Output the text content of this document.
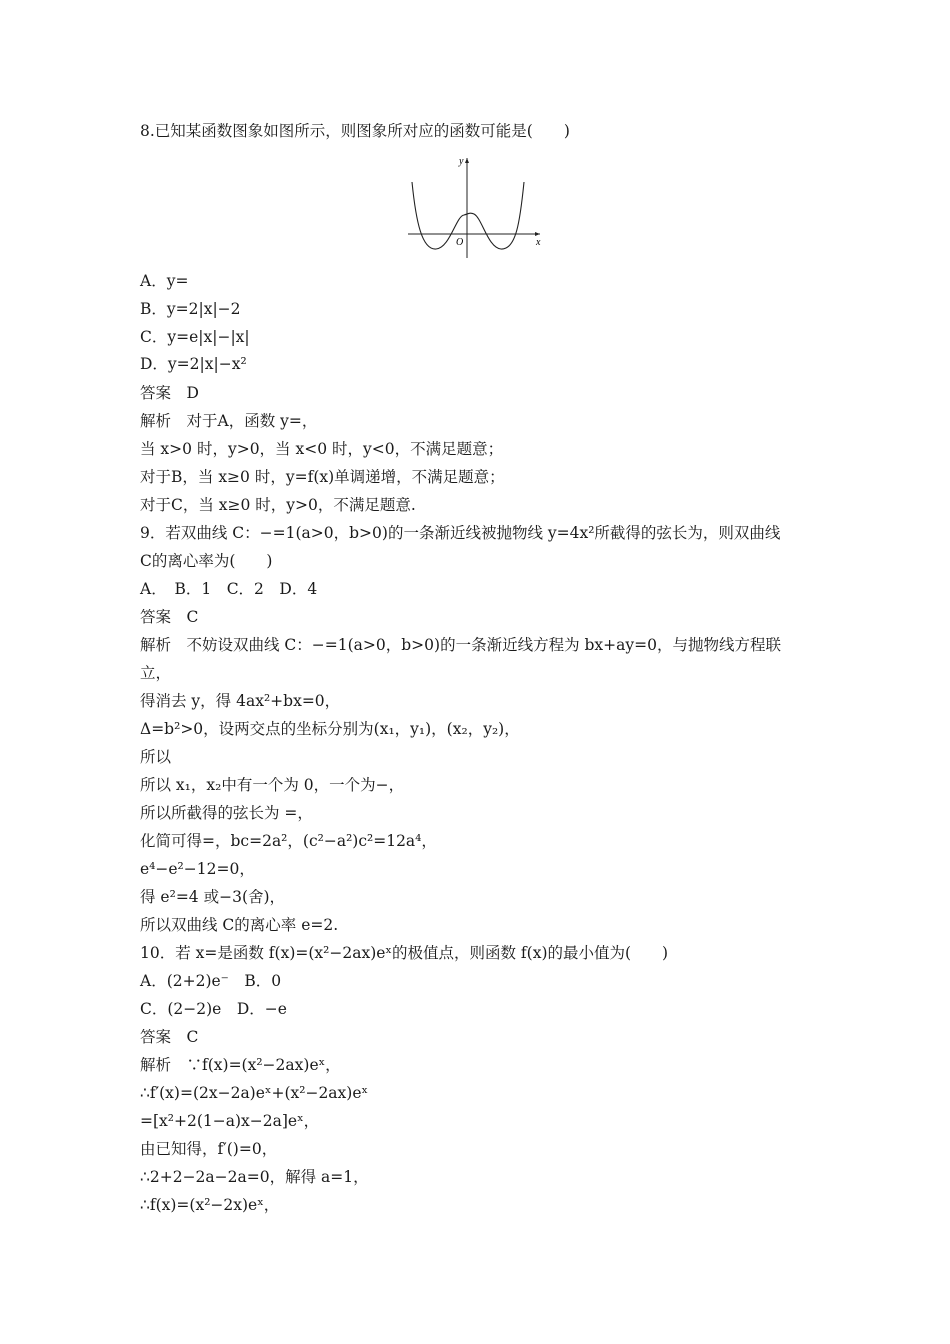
8.已知某函数图象如图所示，则图象所对应的函数可能是(　　)
A．y=
B．y=2|x|−2
C．y=e|x|−|x|
D．y=2|x|−x²
答案　D
解析　对于A，函数 y=，
当 x>0 时，y>0，当 x<0 时，y<0，不满足题意；
对于B，当 x≥0 时，y=f(x)单调递增，不满足题意；
对于C，当 x≥0 时，y>0，不满足题意.
9．若双曲线 C：−=1(a>0，b>0)的一条渐近线被抛物线 y=4x²所截得的弦长为，则双曲线
C的离心率为(　　)
A．　B．1　C．2　D．4
答案　C
解析　不妨设双曲线 C：−=1(a>0，b>0)的一条渐近线方程为 bx+ay=0，与抛物线方程联
立，
得消去 y，得 4ax²+bx=0，
Δ=b²>0，设两交点的坐标分别为(x₁，y₁)，(x₂，y₂)，
所以
所以 x₁，x₂中有一个为 0，一个为−，
所以所截得的弦长为 =，
化简可得=，bc=2a²，(c²−a²)c²=12a⁴，
e⁴−e²−12=0，
得 e²=4 或−3(舍)，
所以双曲线 C的离心率 e=2.
10．若 x=是函数 f(x)=(x²−2ax)eˣ的极值点，则函数 f(x)的最小值为(　　)
A．(2+2)e⁻　B．0
C．(2−2)e　D．−e
答案　C
解析　∵f(x)=(x²−2ax)eˣ，
∴f′(x)=(2x−2a)eˣ+(x²−2ax)eˣ
=[x²+2(1−a)x−2a]eˣ，
由已知得，f′()=0，
∴2+2−2a−2a=0，解得 a=1，
∴f(x)=(x²−2x)eˣ，
y
x
O
